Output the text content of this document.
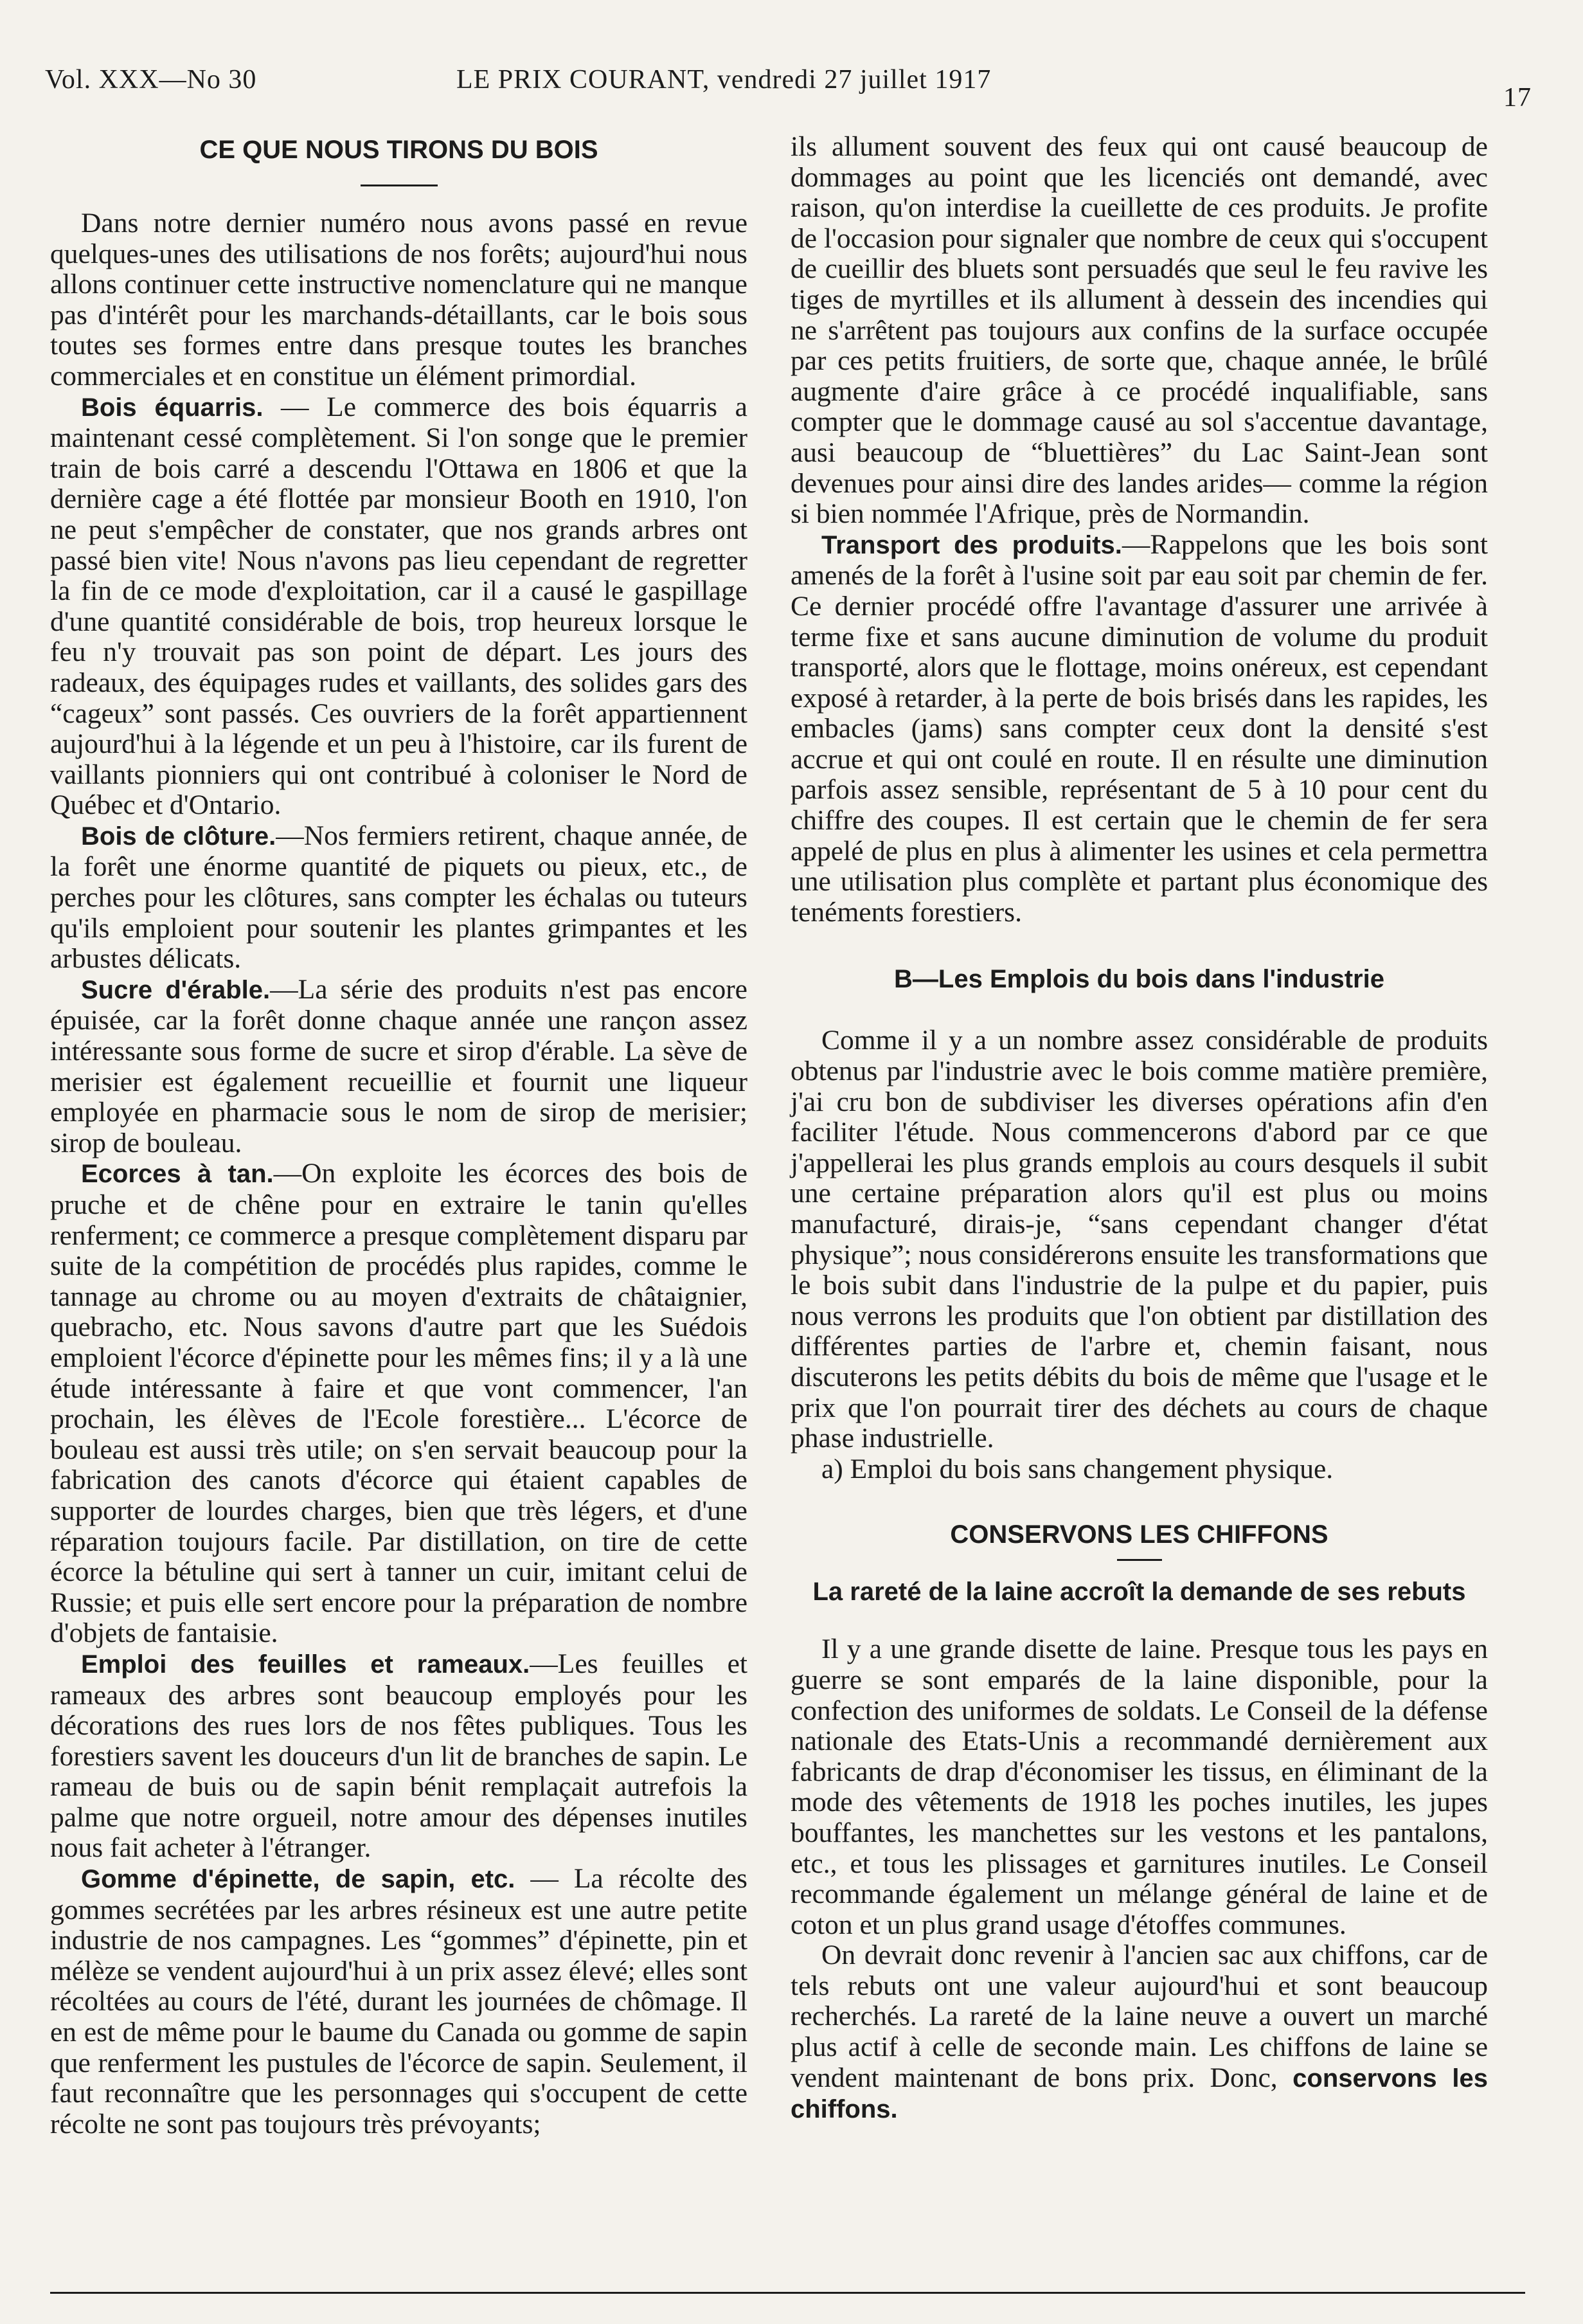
Vol. XXX—No 30	LE PRIX COURANT, vendredi 27 juillet 1917
17
CE QUE NOUS TIRONS DU BOIS

Dans notre dernier numéro nous avons passé en revue quelques-unes des utilisations de nos forêts; aujourd'hui nous allons continuer cette instructive nomenclature qui ne manque pas d'intérêt pour les marchands-détaillants, car le bois sous toutes ses formes entre dans presque toutes les branches commerciales et en constitue un élément primordial.

Bois équarris. — Le commerce des bois équarris a maintenant cessé complètement. Si l'on songe que le premier train de bois carré a descendu l'Ottawa en 1806 et que la dernière cage a été flottée par monsieur Booth en 1910, l'on ne peut s'empêcher de constater, que nos grands arbres ont passé bien vite! Nous n'avons pas lieu cependant de regretter la fin de ce mode d'exploitation, car il a causé le gaspillage d'une quantité considérable de bois, trop heureux lorsque le feu n'y trouvait pas son point de départ. Les jours des radeaux, des équipages rudes et vaillants, des solides gars des “cageux” sont passés. Ces ouvriers de la forêt appartiennent aujourd'hui à la légende et un peu à l'histoire, car ils furent de vaillants pionniers qui ont contribué à coloniser le Nord de Québec et d'Ontario.

Bois de clôture.—Nos fermiers retirent, chaque année, de la forêt une énorme quantité de piquets ou pieux, etc., de perches pour les clôtures, sans compter les échalas ou tuteurs qu'ils emploient pour soutenir les plantes grimpantes et les arbustes délicats.

Sucre d'érable.—La série des produits n'est pas encore épuisée, car la forêt donne chaque année une rançon assez intéressante sous forme de sucre et sirop d'érable. La sève de merisier est également recueillie et fournit une liqueur employée en pharmacie sous le nom de sirop de merisier; sirop de bouleau.

Ecorces à tan.—On exploite les écorces des bois de pruche et de chêne pour en extraire le tanin qu'elles renferment; ce commerce a presque complètement disparu par suite de la compétition de procédés plus rapides, comme le tannage au chrome ou au moyen d'extraits de châtaignier, quebracho, etc. Nous savons d'autre part que les Suédois emploient l'écorce d'épinette pour les mêmes fins; il y a là une étude intéressante à faire et que vont commencer, l'an prochain, les élèves de l'Ecole forestière... L'écorce de bouleau est aussi très utile; on s'en servait beaucoup pour la fabrication des canots d'écorce qui étaient capables de supporter de lourdes charges, bien que très légers, et d'une réparation toujours facile. Par distillation, on tire de cette écorce la bétuline qui sert à tanner un cuir, imitant celui de Russie; et puis elle sert encore pour la préparation de nombre d'objets de fantaisie.

Emploi des feuilles et rameaux.—Les feuilles et rameaux des arbres sont beaucoup employés pour les décorations des rues lors de nos fêtes publiques. Tous les forestiers savent les douceurs d'un lit de branches de sapin. Le rameau de buis ou de sapin bénit remplaçait autrefois la palme que notre orgueil, notre amour des dépenses inutiles nous fait acheter à l'étranger.

Gomme d'épinette, de sapin, etc. — La récolte des gommes secrétées par les arbres résineux est une autre petite industrie de nos campagnes. Les “gommes” d'épinette, pin et mélèze se vendent aujourd'hui à un prix assez élevé; elles sont récoltées au cours de l'été, durant les journées de chômage. Il en est de même pour le baume du Canada ou gomme de sapin que renferment les pustules de l'écorce de sapin. Seulement, il faut reconnaître que les personnages qui s'occupent de cette récolte ne sont pas toujours très prévoyants;

ils allument souvent des feux qui ont causé beaucoup de dommages au point que les licenciés ont demandé, avec raison, qu'on interdise la cueillette de ces produits. Je profite de l'occasion pour signaler que nombre de ceux qui s'occupent de cueillir des bluets sont persuadés que seul le feu ravive les tiges de myrtilles et ils allument à dessein des incendies qui ne s'arrêtent pas toujours aux confins de la surface occupée par ces petits fruitiers, de sorte que, chaque année, le brûlé augmente d'aire grâce à ce procédé inqualifiable, sans compter que le dommage causé au sol s'accentue davantage, ausi beaucoup de “bluettières” du Lac Saint-Jean sont devenues pour ainsi dire des landes arides— comme la région si bien nommée l'Afrique, près de Normandin.

Transport des produits.—Rappelons que les bois sont amenés de la forêt à l'usine soit par eau soit par chemin de fer. Ce dernier procédé offre l'avantage d'assurer une arrivée à terme fixe et sans aucune diminution de volume du produit transporté, alors que le flottage, moins onéreux, est cependant exposé à retarder, à la perte de bois brisés dans les rapides, les embacles (jams) sans compter ceux dont la densité s'est accrue et qui ont coulé en route. Il en résulte une diminution parfois assez sensible, représentant de 5 à 10 pour cent du chiffre des coupes. Il est certain que le chemin de fer sera appelé de plus en plus à alimenter les usines et cela permettra une utilisation plus complète et partant plus économique des tenéments forestiers.

B—Les Emplois du bois dans l'industrie

Comme il y a un nombre assez considérable de produits obtenus par l'industrie avec le bois comme matière première, j'ai cru bon de subdiviser les diverses opérations afin d'en faciliter l'étude. Nous commencerons d'abord par ce que j'appellerai les plus grands emplois au cours desquels il subit une certaine préparation alors qu'il est plus ou moins manufacturé, dirais-je, “sans cependant changer d'état physique”; nous considérerons ensuite les transformations que le bois subit dans l'industrie de la pulpe et du papier, puis nous verrons les produits que l'on obtient par distillation des différentes parties de l'arbre et, chemin faisant, nous discuterons les petits débits du bois de même que l'usage et le prix que l'on pourrait tirer des déchets au cours de chaque phase industrielle.

a) Emploi du bois sans changement physique.

CONSERVONS LES CHIFFONS
La rareté de la laine accroît la demande de ses rebuts

Il y a une grande disette de laine. Presque tous les pays en guerre se sont emparés de la laine disponible, pour la confection des uniformes de soldats. Le Conseil de la défense nationale des Etats-Unis a recommandé dernièrement aux fabricants de drap d'économiser les tissus, en éliminant de la mode des vêtements de 1918 les poches inutiles, les jupes bouffantes, les manchettes sur les vestons et les pantalons, etc., et tous les plissages et garnitures inutiles. Le Conseil recommande également un mélange général de laine et de coton et un plus grand usage d'étoffes communes.

On devrait donc revenir à l'ancien sac aux chiffons, car de tels rebuts ont une valeur aujourd'hui et sont beaucoup recherchés. La rareté de la laine neuve a ouvert un marché plus actif à celle de seconde main. Les chiffons de laine se vendent maintenant de bons prix. Donc, conservons les chiffons.
